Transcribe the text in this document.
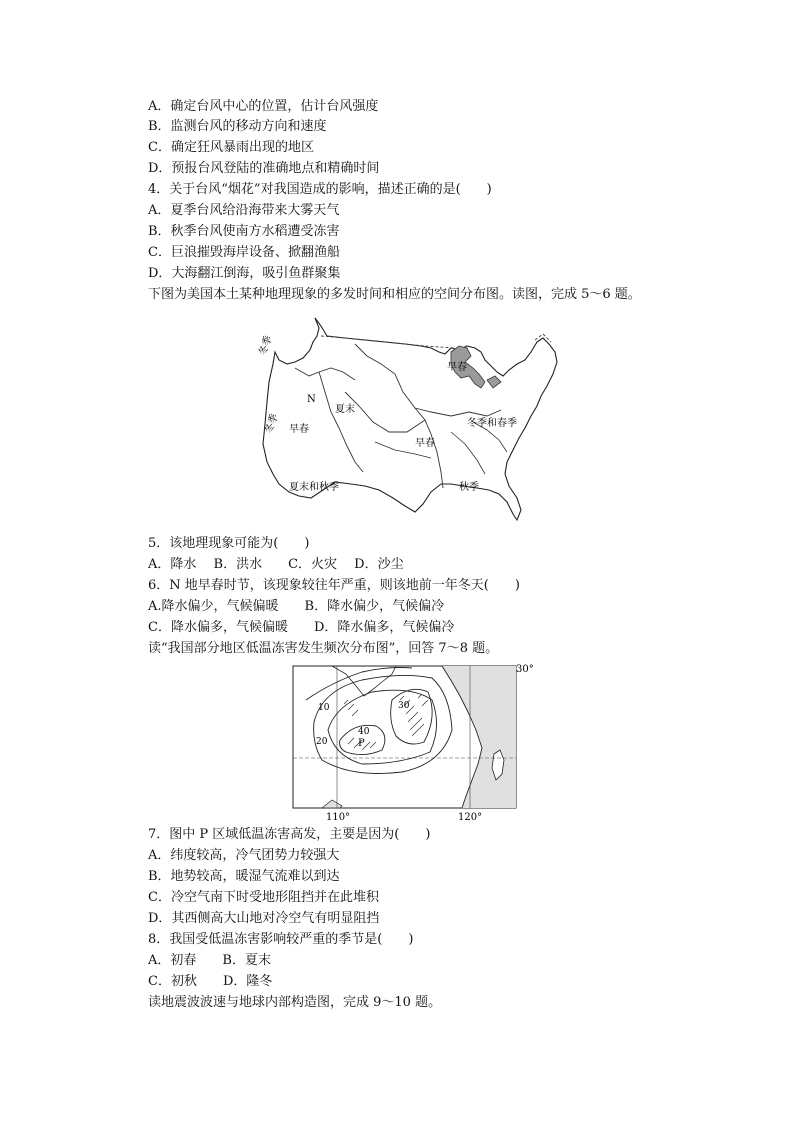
A．确定台风中心的位置，估计台风强度
B．监测台风的移动方向和速度
C．确定狂风暴雨出现的地区
D．预报台风登陆的准确地点和精确时间
4．关于台风“烟花”对我国造成的影响，描述正确的是(　　)
A．夏季台风给沿海带来大雾天气
B．秋季台风使南方水稻遭受冻害
C．巨浪摧毁海岸设备、掀翻渔船
D．大海翻江倒海，吸引鱼群聚集
下图为美国本土某种地理现象的多发时间和相应的空间分布图。读图，完成 5～6 题。
5．该地理现象可能为(　　)
A．降水　 B．洪水　　C．火灾　 D．沙尘
6．N 地早春时节，该现象较往年严重，则该地前一年冬天(　　)
A.降水偏少，气候偏暖　　B．降水偏少，气候偏冷
C．降水偏多，气候偏暖　　D．降水偏多，气候偏冷
读“我国部分地区低温冻害发生频次分布图”，回答 7～8 题。
7．图中 P 区域低温冻害高发，主要是因为(　　)
A．纬度较高，冷气团势力较强大
B．地势较高，暖湿气流难以到达
C．冷空气南下时受地形阻挡并在此堆积
D．其西侧高大山地对冷空气有明显阻挡
8．我国受低温冻害影响较严重的季节是(　　)
A．初春　　B．夏末
C．初秋　　D．隆冬
读地震波波速与地球内部构造图，完成 9～10 题。
冬季
冬季 早春
N
夏末
早春
早春
冬季和春季
夏末和秋季	秋季
30°
110°	120°
10
20
30
40
P
